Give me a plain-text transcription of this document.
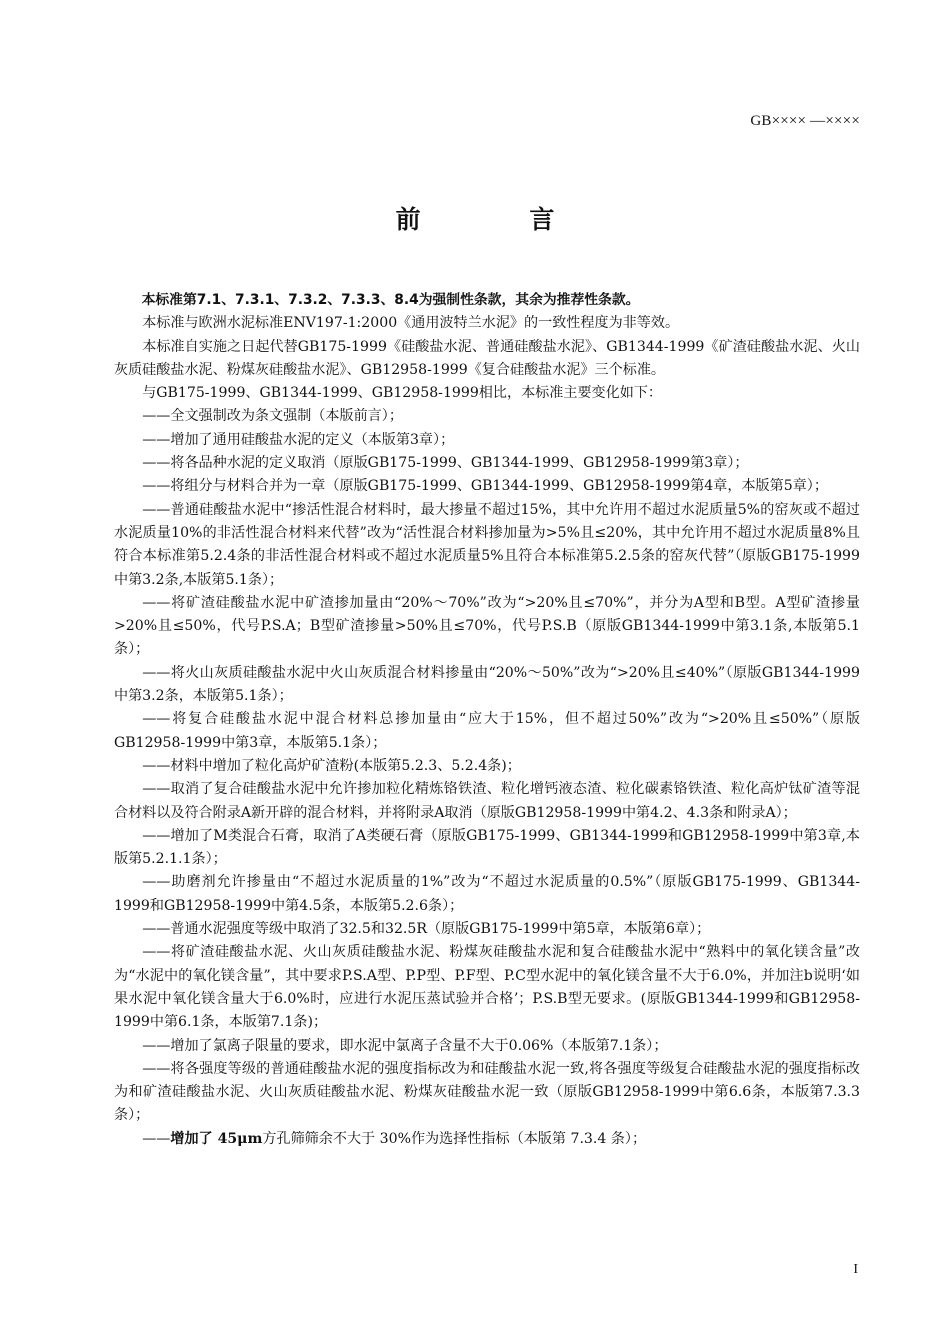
GB×××× —××××
前 言

本标准第7.1、7.3.1、7.3.2、7.3.3、8.4为强制性条款，其余为推荐性条款。

本标准与欧洲水泥标准ENV197-1:2000《通用波特兰水泥》的一致性程度为非等效。

本标准自实施之日起代替GB175-1999《硅酸盐水泥、普通硅酸盐水泥》、GB1344-1999《矿渣硅酸盐水泥、火山灰质硅酸盐水泥、粉煤灰硅酸盐水泥》、GB12958-1999《复合硅酸盐水泥》三个标准。

与GB175-1999、GB1344-1999、GB12958-1999相比，本标准主要变化如下：

——全文强制改为条文强制（本版前言）；

——增加了通用硅酸盐水泥的定义（本版第3章）；

——将各品种水泥的定义取消（原版GB175-1999、GB1344-1999、GB12958-1999第3章）；

——将组分与材料合并为一章（原版GB175-1999、GB1344-1999、GB12958-1999第4章，本版第5章）；

——普通硅酸盐水泥中“掺活性混合材料时，最大掺量不超过15%，其中允许用不超过水泥质量5%的窑灰或不超过水泥质量10%的非活性混合材料来代替”改为“活性混合材料掺加量为>5%且≤20%，其中允许用不超过水泥质量8%且符合本标准第5.2.4条的非活性混合材料或不超过水泥质量5%且符合本标准第5.2.5条的窑灰代替”（原版GB175-1999中第3.2条,本版第5.1条）；

——将矿渣硅酸盐水泥中矿渣掺加量由“20%～70%”改为“>20%且≤70%”，并分为A型和B型。A型矿渣掺量>20%且≤50%，代号P.S.A；B型矿渣掺量>50%且≤70%，代号P.S.B（原版GB1344-1999中第3.1条,本版第5.1条）；

——将火山灰质硅酸盐水泥中火山灰质混合材料掺量由“20%～50%”改为“>20%且≤40%”（原版GB1344-1999中第3.2条，本版第5.1条）；

——将复合硅酸盐水泥中混合材料总掺加量由“应大于15%，但不超过50%”改为“>20%且≤50%”（原版GB12958-1999中第3章，本版第5.1条）；

——材料中增加了粒化高炉矿渣粉(本版第5.2.3、5.2.4条)；

——取消了复合硅酸盐水泥中允许掺加粒化精炼铬铁渣、粒化增钙液态渣、粒化碳素铬铁渣、粒化高炉钛矿渣等混合材料以及符合附录A新开辟的混合材料，并将附录A取消（原版GB12958-1999中第4.2、4.3条和附录A）；

——增加了M类混合石膏，取消了A类硬石膏（原版GB175-1999、GB1344-1999和GB12958-1999中第3章,本版第5.2.1.1条）；

——助磨剂允许掺量由“不超过水泥质量的1%”改为“不超过水泥质量的0.5%”（原版GB175-1999、GB1344-1999和GB12958-1999中第4.5条，本版第5.2.6条）；

——普通水泥强度等级中取消了32.5和32.5R（原版GB175-1999中第5章，本版第6章）；

——将矿渣硅酸盐水泥、火山灰质硅酸盐水泥、粉煤灰硅酸盐水泥和复合硅酸盐水泥中“熟料中的氧化镁含量”改为“水泥中的氧化镁含量”，其中要求P.S.A型、P.P型、P.F型、P.C型水泥中的氧化镁含量不大于6.0%，并加注b说明‘如果水泥中氧化镁含量大于6.0%时，应进行水泥压蒸试验并合格’；P.S.B型无要求。(原版GB1344-1999和GB12958-1999中第6.1条，本版第7.1条)；

——增加了氯离子限量的要求，即水泥中氯离子含量不大于0.06%（本版第7.1条）；

——将各强度等级的普通硅酸盐水泥的强度指标改为和硅酸盐水泥一致,将各强度等级复合硅酸盐水泥的强度指标改为和矿渣硅酸盐水泥、火山灰质硅酸盐水泥、粉煤灰硅酸盐水泥一致（原版GB12958-1999中第6.6条，本版第7.3.3条）；

——增加了 45μm方孔筛筛余不大于 30%作为选择性指标（本版第 7.3.4 条）；

I
